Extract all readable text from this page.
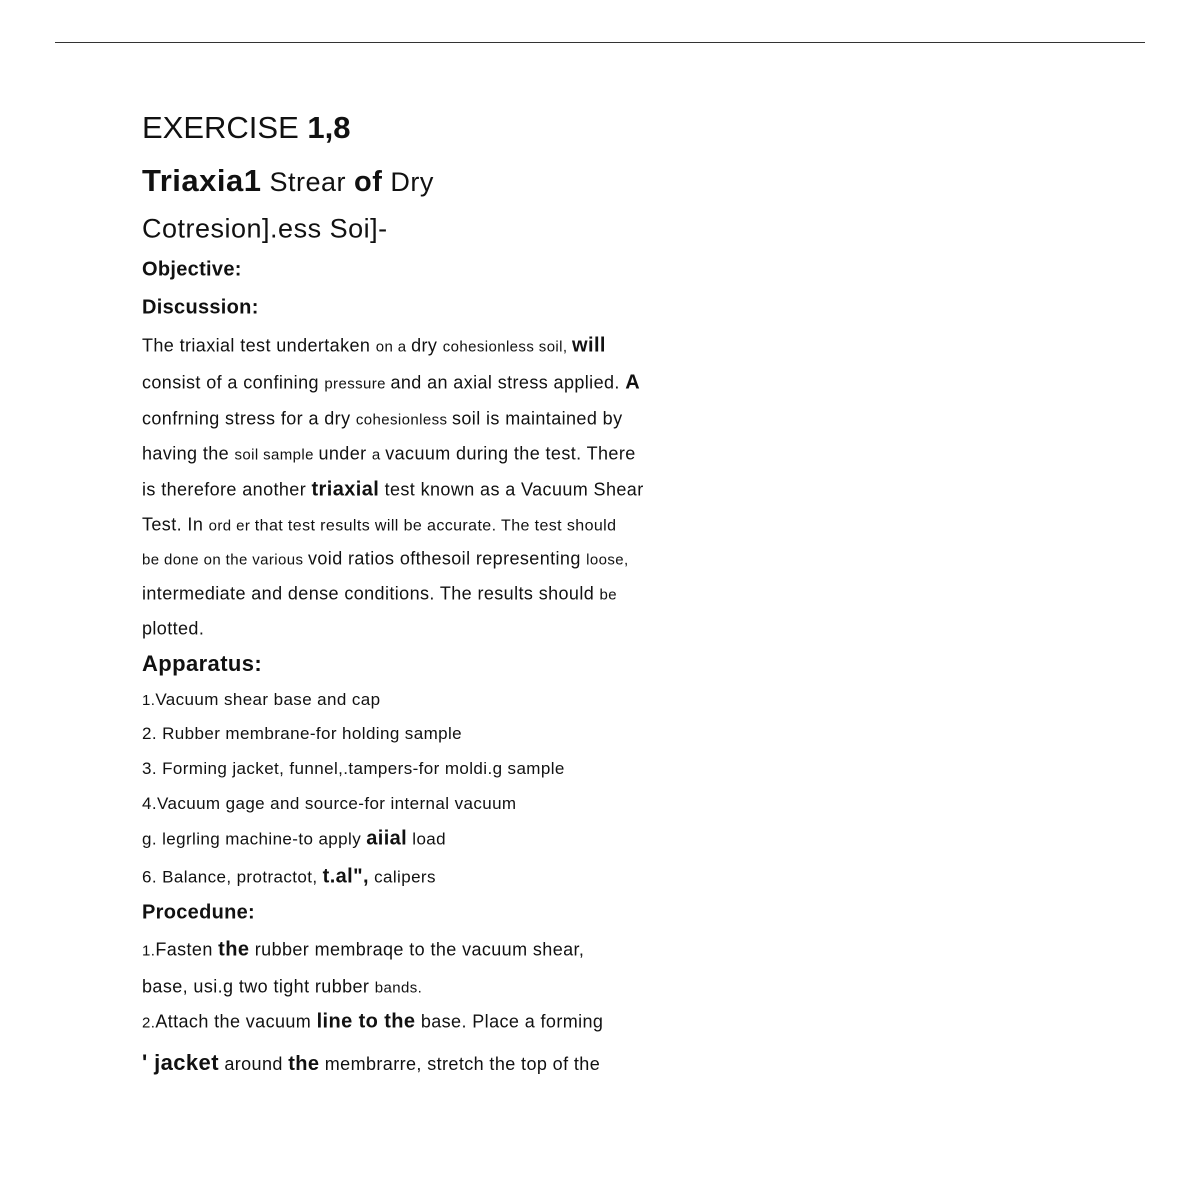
EXERCISE 1,8
Triaxia1 Strear of Dry
Cotresion].ess Soi]-
Objective:
Discussion:
The triaxial test undertaken on a dry cohesionless soil, will
consist of a confining pressure and an axial stress applied. A
confrning stress for a dry cohesionless soil is maintained by
having the soil sample under a vacuum during the test. There
is therefore another triaxial test known as a Vacuum Shear
Test. In ord er that test results will be accurate. The test should
be done on the various void ratios ofthesoil representing loose,
intermediate and dense conditions. The results should be
plotted.
Apparatus:
1.Vacuum shear base and cap
2. Rubber membrane-for holding sample
3. Forming jacket, funnel,.tampers-for moldi.g sample
4.Vacuum gage and source-for internal vacuum
g. legrling machine-to apply aiial load
6. Balance, protractot, t.al", calipers
Procedune:
1.Fasten the rubber membraqe to the vacuum shear,
base, usi.g two tight rubber bands.
2.Attach the vacuum line to the base. Place a forming
' jacket around the membrarre, stretch the top of the
